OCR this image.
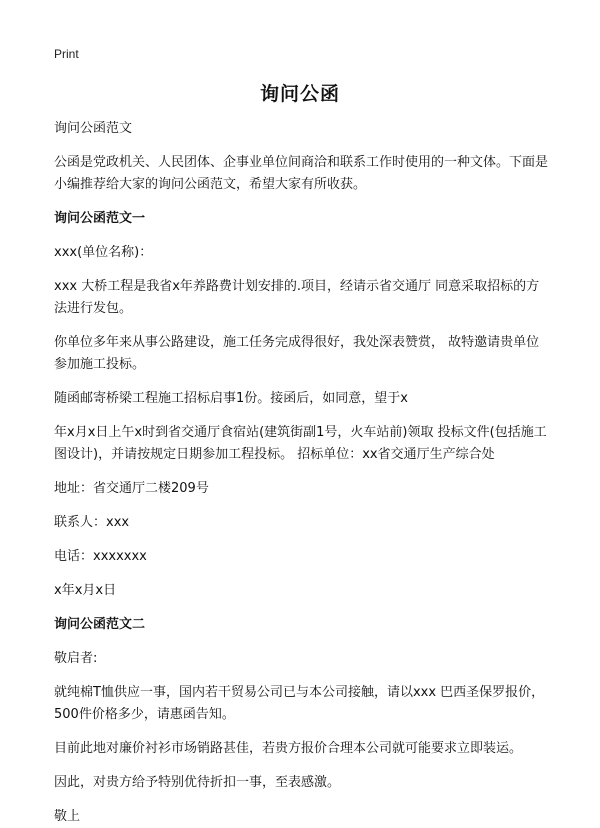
Print
询问公函

询问公函范文

公函是党政机关、人民团体、企事业单位间商洽和联系工作时使用的一种文体。下面是小编推荐给大家的询问公函范文，希望大家有所收获。

询问公函范文一

xxx(单位名称)：

xxx 大桥工程是我省x年养路费计划安排的.项目，经请示省交通厅 同意采取招标的方法进行发包。

你单位多年来从事公路建设，施工任务完成得很好，我处深表赞赏， 故特邀请贵单位参加施工投标。

随函邮寄桥梁工程施工招标启事1份。接函后，如同意，望于x

年x月x日上午x时到省交通厅食宿站(建筑街副1号，火车站前)领取 投标文件(包括施工图设计)，并请按规定日期参加工程投标。 招标单位：xx省交通厅生产综合处

地址：省交通厅二楼209号

联系人：xxx

电话：xxxxxxx

x年x月x日

询问公函范文二

敬启者:

就纯棉T恤供应一事，国内若干贸易公司已与本公司接触，请以xxx 巴西圣保罗报价，500件价格多少，请惠函告知。

目前此地对廉价衬衫市场销路甚佳，若贵方报价合理本公司就可能要求立即装运。

因此，对贵方给予特别优待折扣一事，至表感激。

敬上
